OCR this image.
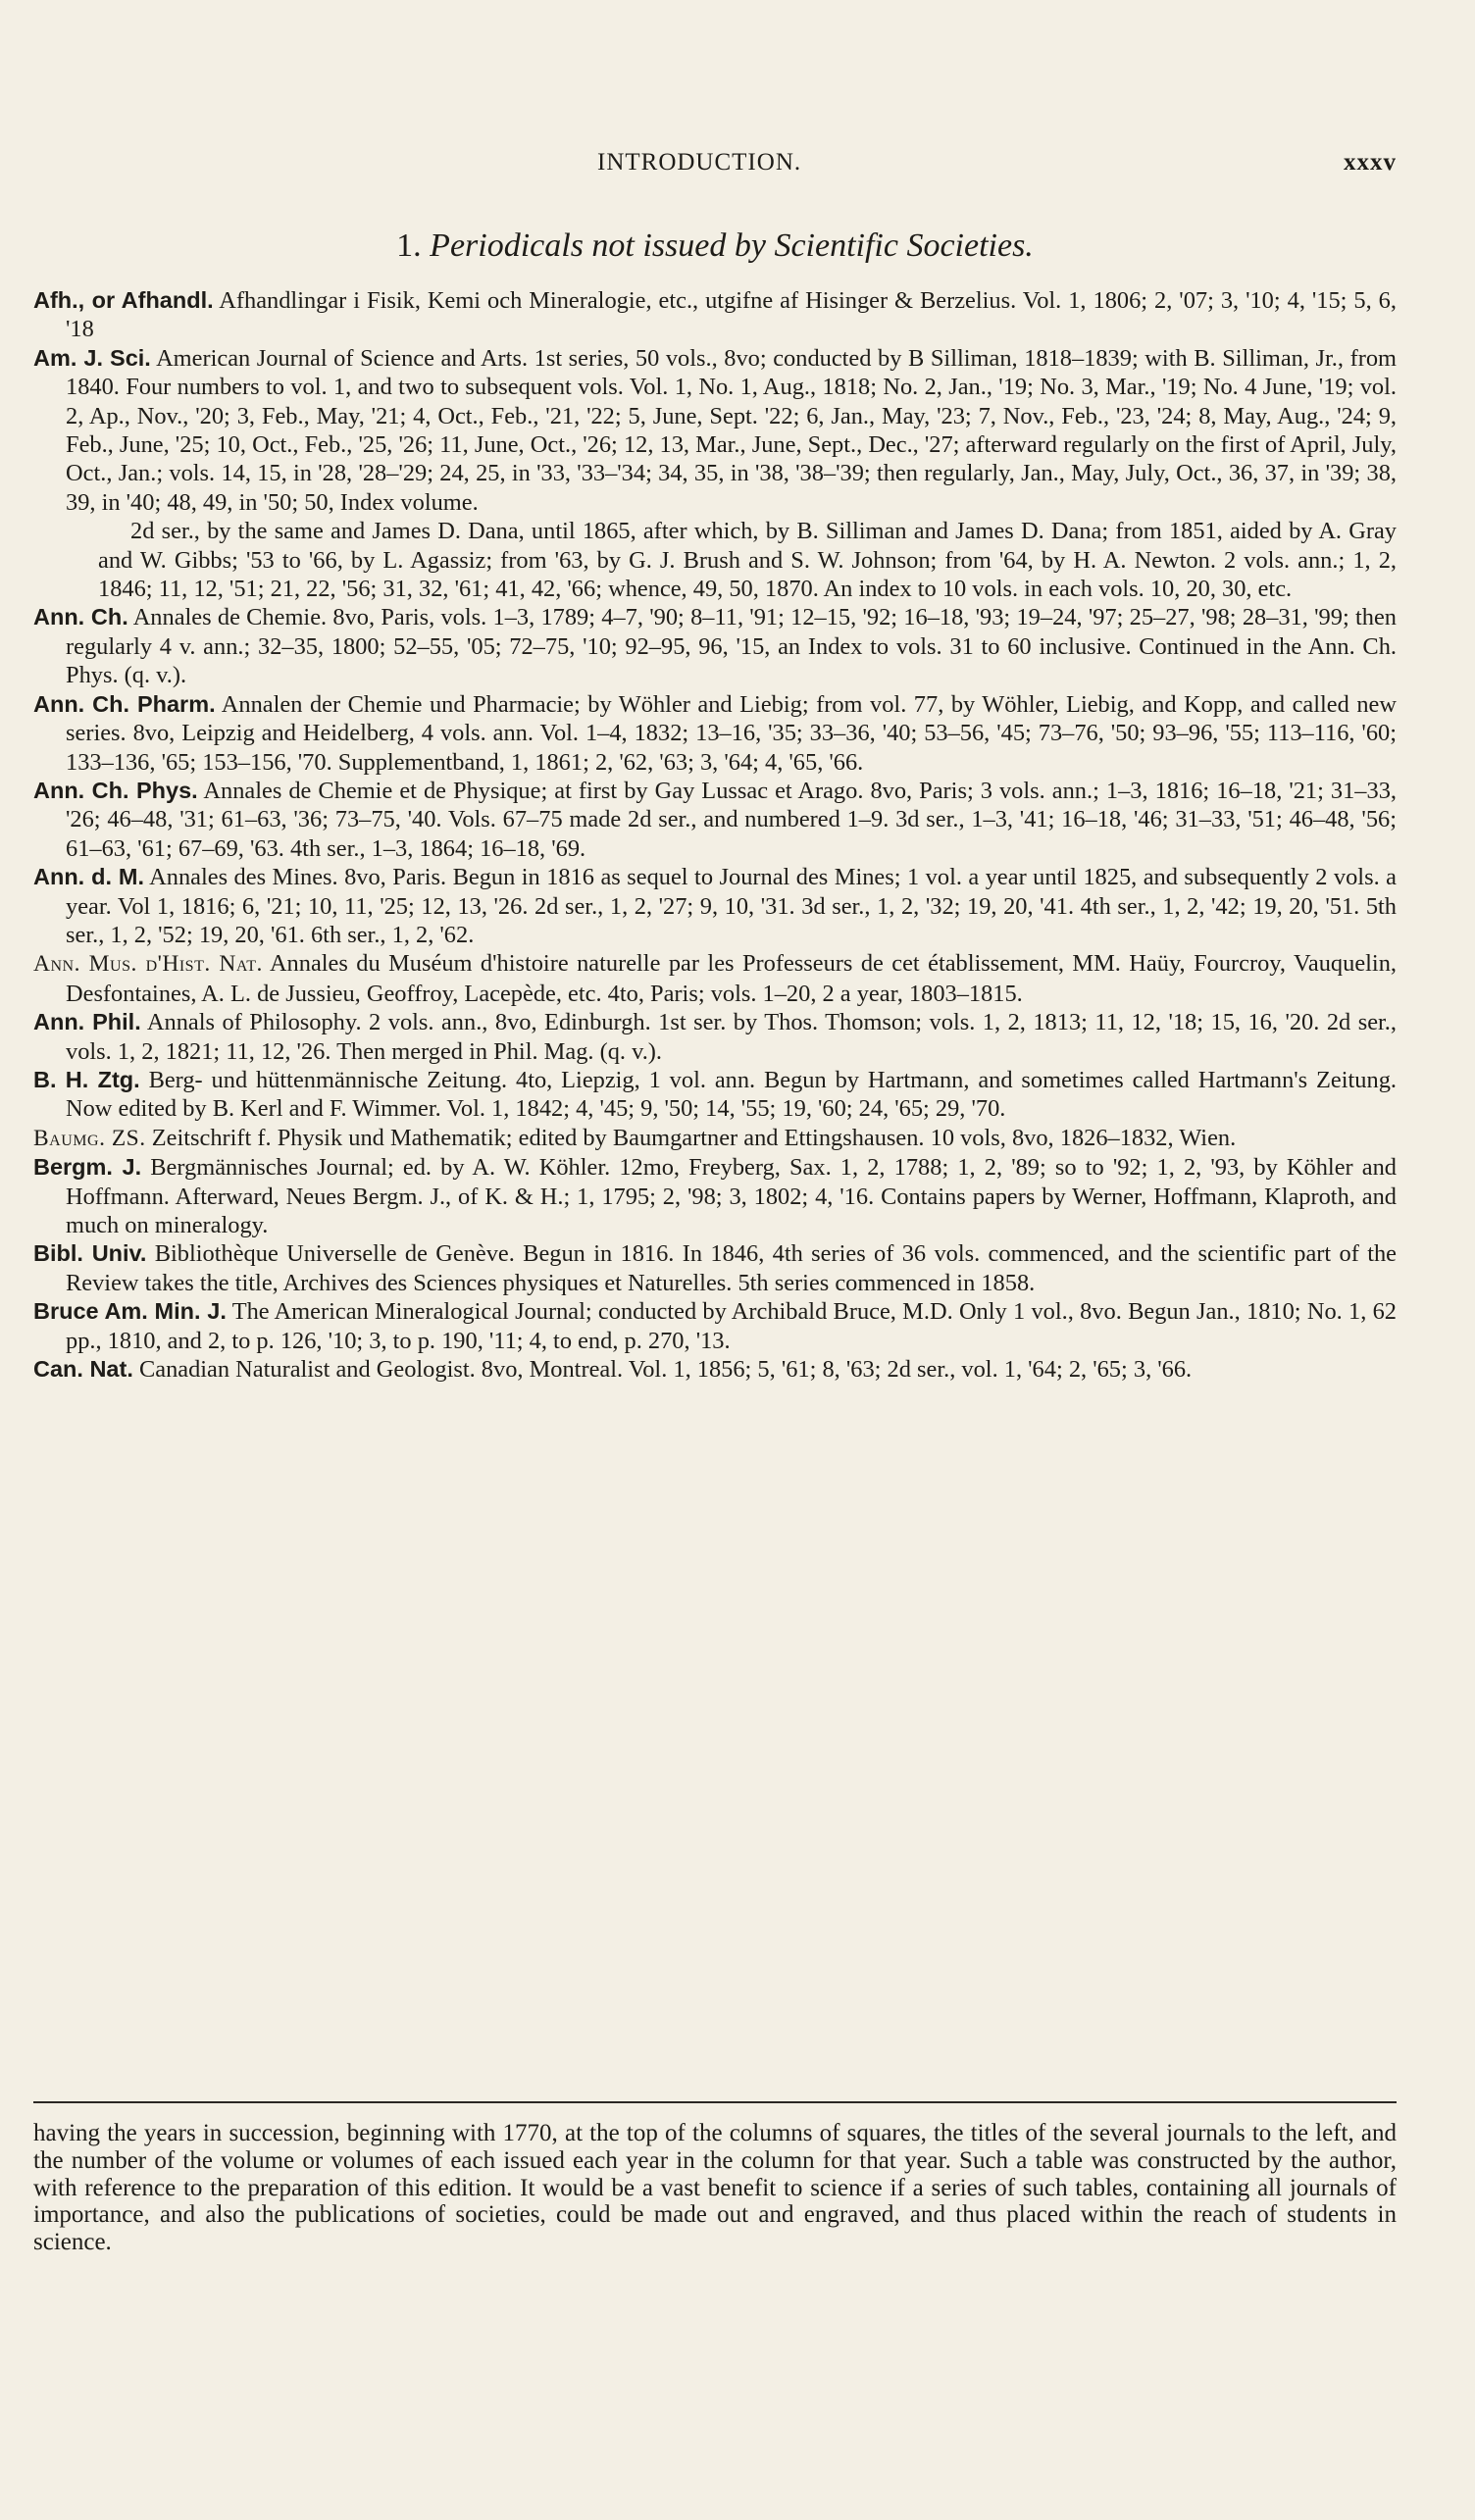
INTRODUCTION.	xxxv
1. Periodicals not issued by Scientific Societies.
Afh., or Afhandl. Afhandlingar i Fisik, Kemi och Mineralogie, etc., utgifne af Hisinger & Berzelius. Vol. 1, 1806; 2, '07; 3, '10; 4, '15; 5, 6, '18
Am. J. Sci. American Journal of Science and Arts. 1st series, 50 vols., 8vo; conducted by B Silliman, 1818–1839; with B. Silliman, Jr., from 1840. Four numbers to vol. 1, and two to subsequent vols. Vol. 1, No. 1, Aug., 1818; No. 2, Jan., '19; No. 3, Mar., '19; No. 4 June, '19; vol. 2, Ap., Nov., '20; 3, Feb., May, '21; 4, Oct., Feb., '21, '22; 5, June, Sept. '22; 6, Jan., May, '23; 7, Nov., Feb., '23, '24; 8, May, Aug., '24; 9, Feb., June, '25; 10, Oct., Feb., '25, '26; 11, June, Oct., '26; 12, 13, Mar., June, Sept., Dec., '27; afterward regularly on the first of April, July, Oct., Jan.; vols. 14, 15, in '28, '28–'29; 24, 25, in '33, '33–'34; 34, 35, in '38, '38–'39; then regularly, Jan., May, July, Oct., 36, 37, in '39; 38, 39, in '40; 48, 49, in '50; 50, Index volume.
2d ser., by the same and James D. Dana, until 1865, after which, by B. Silliman and James D. Dana; from 1851, aided by A. Gray and W. Gibbs; '53 to '66, by L. Agassiz; from '63, by G. J. Brush and S. W. Johnson; from '64, by H. A. Newton. 2 vols. ann.; 1, 2, 1846; 11, 12, '51; 21, 22, '56; 31, 32, '61; 41, 42, '66; whence, 49, 50, 1870. An index to 10 vols. in each vols. 10, 20, 30, etc.
Ann. Ch. Annales de Chemie. 8vo, Paris, vols. 1–3, 1789; 4–7, '90; 8–11, '91; 12–15, '92; 16–18, '93; 19–24, '97; 25–27, '98; 28–31, '99; then regularly 4 v. ann.; 32–35, 1800; 52–55, '05; 72–75, '10; 92–95, 96, '15, an Index to vols. 31 to 60 inclusive. Continued in the Ann. Ch. Phys. (q. v.).
Ann. Ch. Pharm. Annalen der Chemie und Pharmacie; by Wöhler and Liebig; from vol. 77, by Wöhler, Liebig, and Kopp, and called new series. 8vo, Leipzig and Heidelberg, 4 vols. ann. Vol. 1–4, 1832; 13–16, '35; 33–36, '40; 53–56, '45; 73–76, '50; 93–96, '55; 113–116, '60; 133–136, '65; 153–156, '70. Supplementband, 1, 1861; 2, '62, '63; 3, '64; 4, '65, '66.
Ann. Ch. Phys. Annales de Chemie et de Physique; at first by Gay Lussac et Arago. 8vo, Paris; 3 vols. ann.; 1–3, 1816; 16–18, '21; 31–33, '26; 46–48, '31; 61–63, '36; 73–75, '40. Vols. 67–75 made 2d ser., and numbered 1–9. 3d ser., 1–3, '41; 16–18, '46; 31–33, '51; 46–48, '56; 61–63, '61; 67–69, '63. 4th ser., 1–3, 1864; 16–18, '69.
Ann. d. M. Annales des Mines. 8vo, Paris. Begun in 1816 as sequel to Journal des Mines; 1 vol. a year until 1825, and subsequently 2 vols. a year. Vol 1, 1816; 6, '21; 10, 11, '25; 12, 13, '26. 2d ser., 1, 2, '27; 9, 10, '31. 3d ser., 1, 2, '32; 19, 20, '41. 4th ser., 1, 2, '42; 19, 20, '51. 5th ser., 1, 2, '52; 19, 20, '61. 6th ser., 1, 2, '62.
Ann. Mus. d'Hist. Nat. Annales du Muséum d'histoire naturelle par les Professeurs de cet établissement, MM. Haüy, Fourcroy, Vauquelin, Desfontaines, A. L. de Jussieu, Geoffroy, Lacepède, etc. 4to, Paris; vols. 1–20, 2 a year, 1803–1815.
Ann. Phil. Annals of Philosophy. 2 vols. ann., 8vo, Edinburgh. 1st ser. by Thos. Thomson; vols. 1, 2, 1813; 11, 12, '18; 15, 16, '20. 2d ser., vols. 1, 2, 1821; 11, 12, '26. Then merged in Phil. Mag. (q. v.).
B. H. Ztg. Berg- und hüttenmännische Zeitung. 4to, Liepzig, 1 vol. ann. Begun by Hartmann, and sometimes called Hartmann's Zeitung. Now edited by B. Kerl and F. Wimmer. Vol. 1, 1842; 4, '45; 9, '50; 14, '55; 19, '60; 24, '65; 29, '70.
Baumg. ZS. Zeitschrift f. Physik und Mathematik; edited by Baumgartner and Ettingshausen. 10 vols, 8vo, 1826–1832, Wien.
Bergm. J. Bergmännisches Journal; ed. by A. W. Köhler. 12mo, Freyberg, Sax. 1, 2, 1788; 1, 2, '89; so to '92; 1, 2, '93, by Köhler and Hoffmann. Afterward, Neues Bergm. J., of K. & H.; 1, 1795; 2, '98; 3, 1802; 4, '16. Contains papers by Werner, Hoffmann, Klaproth, and much on mineralogy.
Bibl. Univ. Bibliothèque Universelle de Genève. Begun in 1816. In 1846, 4th series of 36 vols. commenced, and the scientific part of the Review takes the title, Archives des Sciences physiques et Naturelles. 5th series commenced in 1858.
Bruce Am. Min. J. The American Mineralogical Journal; conducted by Archibald Bruce, M.D. Only 1 vol., 8vo. Begun Jan., 1810; No. 1, 62 pp., 1810, and 2, to p. 126, '10; 3, to p. 190, '11; 4, to end, p. 270, '13.
Can. Nat. Canadian Naturalist and Geologist. 8vo, Montreal. Vol. 1, 1856; 5, '61; 8, '63; 2d ser., vol. 1, '64; 2, '65; 3, '66.
having the years in succession, beginning with 1770, at the top of the columns of squares, the titles of the several journals to the left, and the number of the volume or volumes of each issued each year in the column for that year. Such a table was constructed by the author, with reference to the preparation of this edition. It would be a vast benefit to science if a series of such tables, containing all journals of importance, and also the publications of societies, could be made out and engraved, and thus placed within the reach of students in science.
